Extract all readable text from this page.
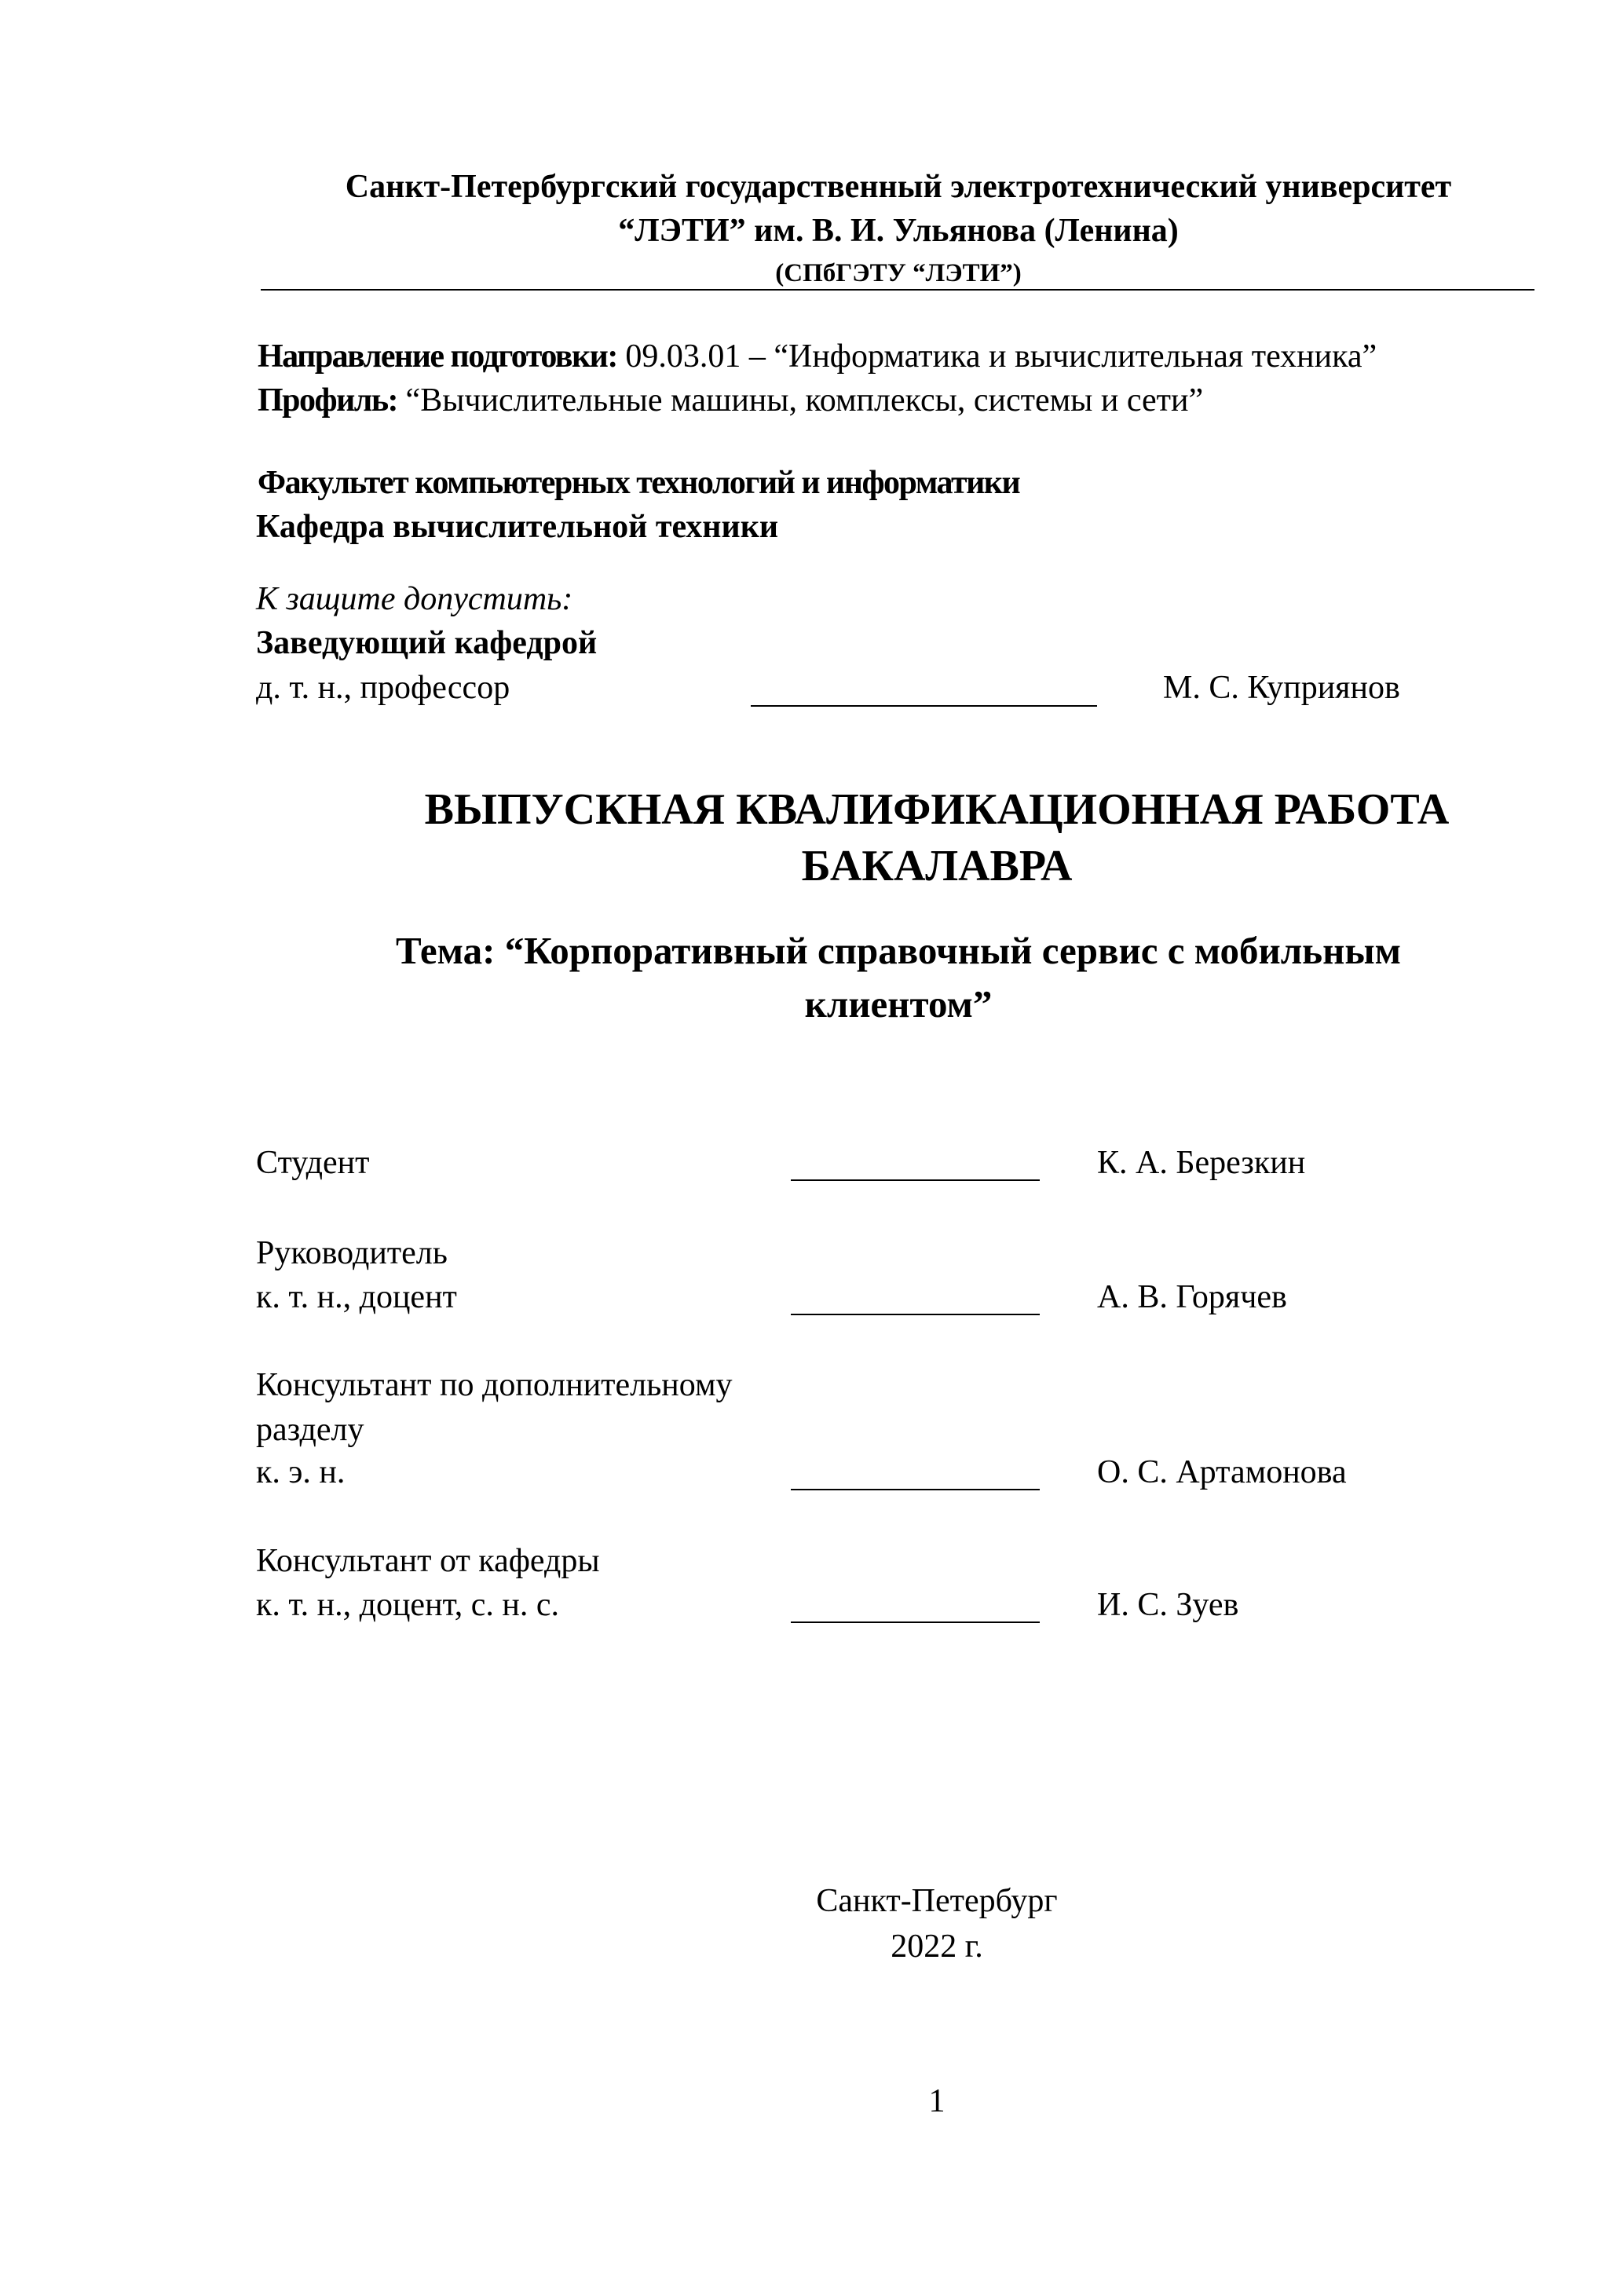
Санкт-Петербургский государственный электротехнический университет
“ЛЭТИ” им. В. И. Ульянова (Ленина)
(СПбГЭТУ “ЛЭТИ”)
Направление подготовки: 09.03.01 – “Информатика и вычислительная техника”
Профиль: “Вычислительные машины, комплексы, системы и сети”
Факультет компьютерных технологий и информатики
Кафедра вычислительной техники
К защите допустить:
Заведующий кафедрой
д. т. н., профессор	М. С. Куприянов
ВЫПУСКНАЯ КВАЛИФИКАЦИОННАЯ РАБОТА
БАКАЛАВРА
Тема: “Корпоративный справочный сервис с мобильным
клиентом”
Студент	К. А. Березкин
Руководитель
к. т. н., доцент	А. В. Горячев
Консультант по дополнительному
разделу
к. э. н.	О. С. Артамонова
Консультант от кафедры
к. т. н., доцент, с. н. с.	И. С. Зуев
Санкт-Петербург
2022 г.
1
